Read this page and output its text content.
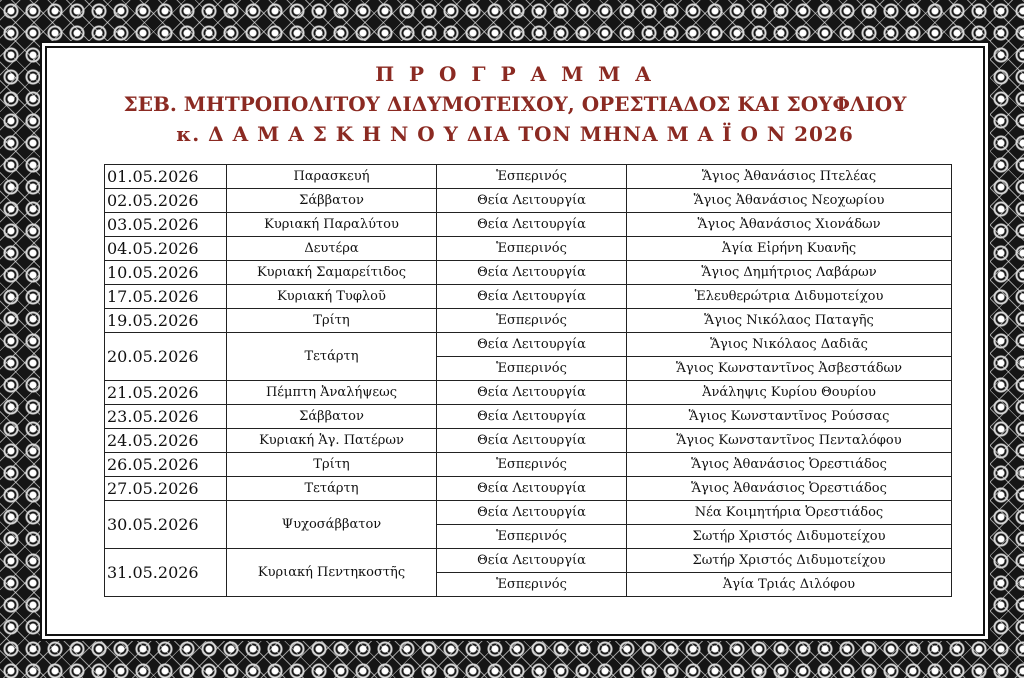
Π Ρ Ο Γ Ρ Α Μ Μ Α
ΣΕΒ. ΜΗΤΡΟΠΟΛΙΤΟΥ ΔΙΔΥΜΟΤΕΙΧΟΥ, ΟΡΕΣΤΙΑΔΟΣ ΚΑΙ ΣΟΥΦΛΙΟΥ
κ. Δ Α Μ Α Σ Κ Η Ν Ο Υ ΔΙΑ ΤΟΝ ΜΗΝΑ Μ Α Ϊ Ο Ν 2026
01.05.2026	Παρασκευή	Ἑσπερινός	Ἅγιος Ἀθανάσιος Πτελέας
02.05.2026	Σάββατον	Θεία Λειτουργία	Ἅγιος Ἀθανάσιος Νεοχωρίου
03.05.2026	Κυριακή Παραλύτου	Θεία Λειτουργία	Ἅγιος Ἀθανάσιος Χιονάδων
04.05.2026	Δευτέρα	Ἑσπερινός	Ἁγία Εἰρήνη Κυανῆς
10.05.2026	Κυριακή Σαμαρείτιδος	Θεία Λειτουργία	Ἅγιος Δημήτριος Λαβάρων
17.05.2026	Κυριακή Τυφλοῦ	Θεία Λειτουργία	Ἐλευθερώτρια Διδυμοτείχου
19.05.2026	Τρίτη	Ἑσπερινός	Ἅγιος Νικόλαος Παταγῆς
20.05.2026	Τετάρτη	Θεία Λειτουργία	Ἅγιος Νικόλαος Δαδιᾶς
		Ἑσπερινός	Ἅγιος Κωνσταντῖνος Ἀσβεστάδων
21.05.2026	Πέμπτη Ἀναλήψεως	Θεία Λειτουργία	Ἀνάληψις Κυρίου Θουρίου
23.05.2026	Σάββατον	Θεία Λειτουργία	Ἅγιος Κωνσταντῖνος Ρούσσας
24.05.2026	Κυριακή Ἁγ. Πατέρων	Θεία Λειτουργία	Ἅγιος Κωνσταντῖνος Πενταλόφου
26.05.2026	Τρίτη	Ἑσπερινός	Ἅγιος Ἀθανάσιος Ὀρεστιάδος
27.05.2026	Τετάρτη	Θεία Λειτουργία	Ἅγιος Ἀθανάσιος Ὀρεστιάδος
30.05.2026	Ψυχοσάββατον	Θεία Λειτουργία	Νέα Κοιμητήρια Ὀρεστιάδος
		Ἑσπερινός	Σωτήρ Χριστός Διδυμοτείχου
31.05.2026	Κυριακή Πεντηκοστῆς	Θεία Λειτουργία	Σωτήρ Χριστός Διδυμοτείχου
		Ἑσπερινός	Ἁγία Τριάς Διλόφου
